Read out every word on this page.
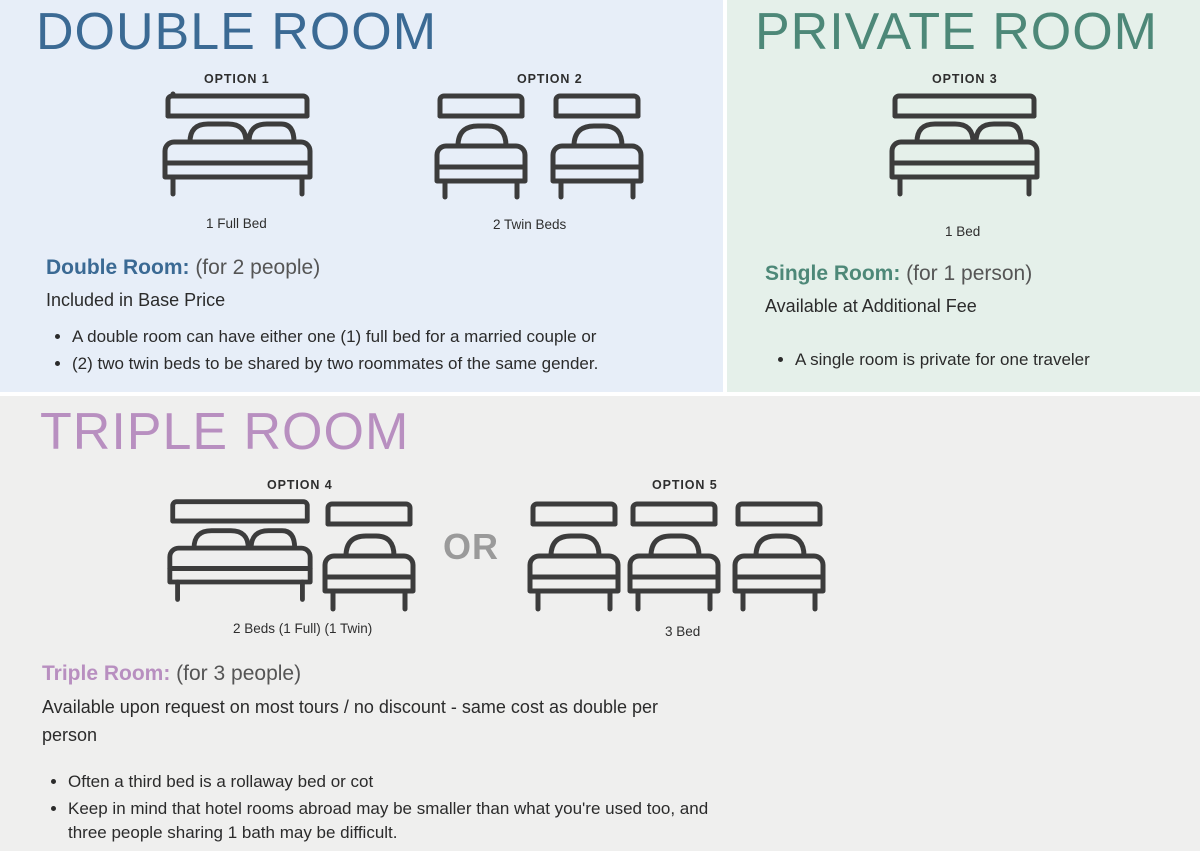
DOUBLE ROOM
OPTION 1
1 Full Bed
OPTION 2
2 Twin Beds
Double Room: (for 2 people)
Included in Base Price
• A double room can have either one (1) full bed for a married couple or
• (2) two twin beds to be shared by two roommates of the same gender.
PRIVATE ROOM
OPTION 3
1 Bed
Single Room: (for 1 person)
Available at Additional Fee
• A single room is private for one traveler
TRIPLE ROOM
OPTION 4
2 Beds (1 Full) (1 Twin)
OR
OPTION 5
3 Bed
Triple Room: (for 3 people)
Available upon request on most tours / no discount - same cost as double per person
• Often a third bed is a rollaway bed or cot
• Keep in mind that hotel rooms abroad may be smaller than what you're used too, and three people sharing 1 bath may be difficult.
